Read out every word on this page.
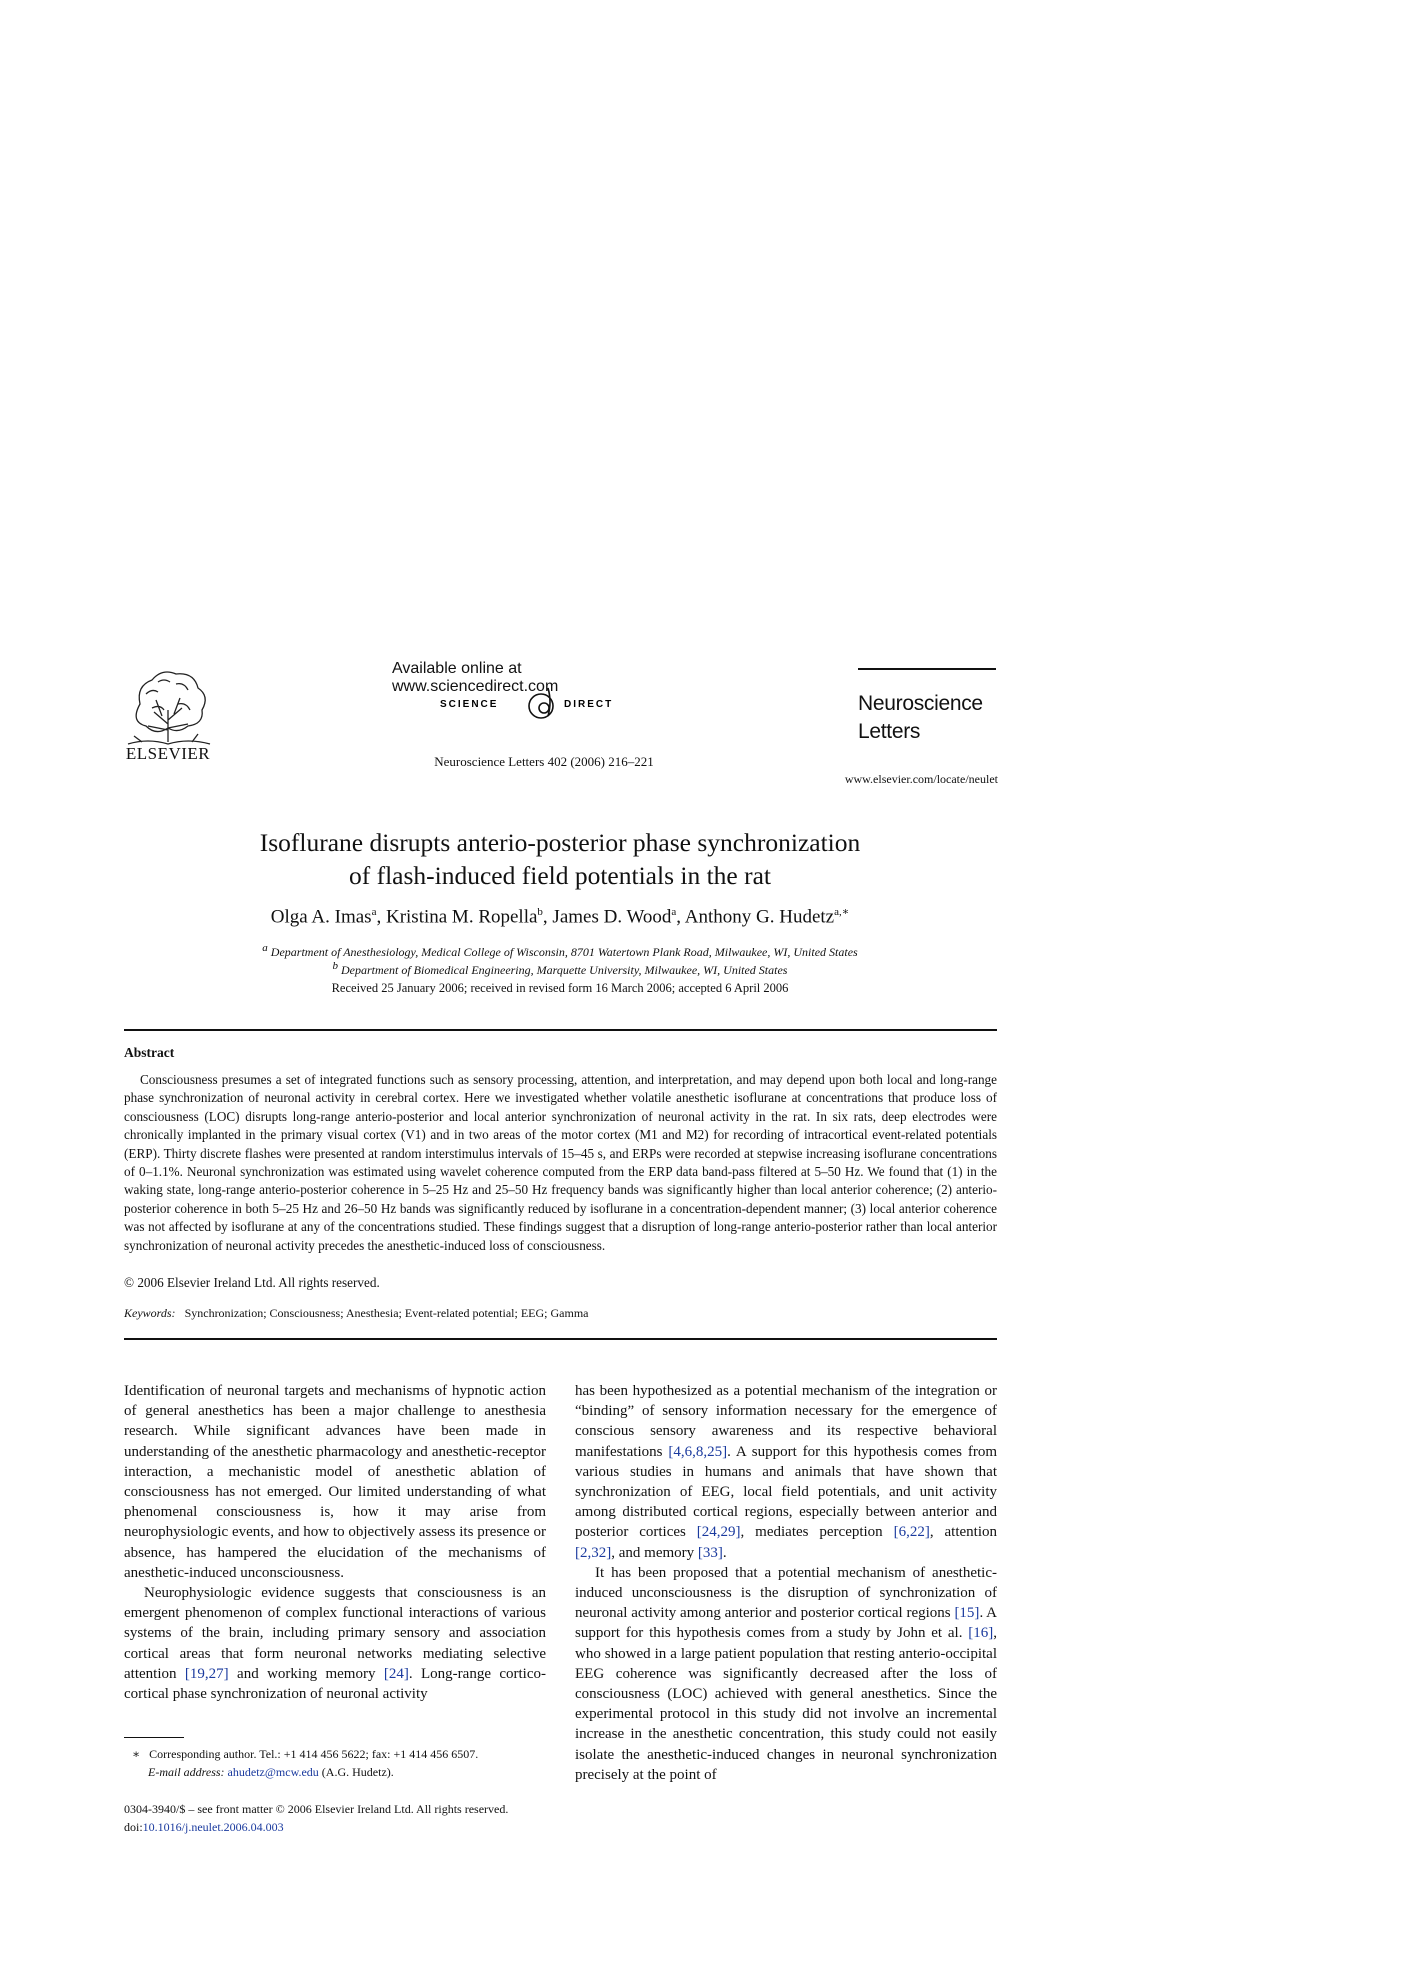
ELSEVIER
Available online at www.sciencedirect.com
SCIENCE	DIRECT
Neuroscience Letters 402 (2006) 216–221
Neuroscience
Letters
www.elsevier.com/locate/neulet
Isoflurane disrupts anterio-posterior phase synchronization
of flash-induced field potentials in the rat
Olga A. Imas$^a$, Kristina M. Ropella$^b$, James D. Wood$^a$, Anthony G. Hudetz$^{a,∗}$
$^a$ Department of Anesthesiology, Medical College of Wisconsin, 8701 Watertown Plank Road, Milwaukee, WI, United States
$^b$ Department of Biomedical Engineering, Marquette University, Milwaukee, WI, United States
Received 25 January 2006; received in revised form 16 March 2006; accepted 6 April 2006
Abstract
Consciousness presumes a set of integrated functions such as sensory processing, attention, and interpretation, and may depend upon both local and long-range phase synchronization of neuronal activity in cerebral cortex. Here we investigated whether volatile anesthetic isoflurane at concentrations that produce loss of consciousness (LOC) disrupts long-range anterio-posterior and local anterior synchronization of neuronal activity in the rat. In six rats, deep electrodes were chronically implanted in the primary visual cortex (V1) and in two areas of the motor cortex (M1 and M2) for recording of intracortical event-related potentials (ERP). Thirty discrete flashes were presented at random interstimulus intervals of 15–45 s, and ERPs were recorded at stepwise increasing isoflurane concentrations of 0–1.1%. Neuronal synchronization was estimated using wavelet coherence computed from the ERP data band-pass filtered at 5–50 Hz. We found that (1) in the waking state, long-range anterio-posterior coherence in 5–25 Hz and 25–50 Hz frequency bands was significantly higher than local anterior coherence; (2) anterio-posterior coherence in both 5–25 Hz and 26–50 Hz bands was significantly reduced by isoflurane in a concentration-dependent manner; (3) local anterior coherence was not affected by isoflurane at any of the concentrations studied. These findings suggest that a disruption of long-range anterio-posterior rather than local anterior synchronization of neuronal activity precedes the anesthetic-induced loss of consciousness.
© 2006 Elsevier Ireland Ltd. All rights reserved.
Keywords: Synchronization; Consciousness; Anesthesia; Event-related potential; EEG; Gamma

Identification of neuronal targets and mechanisms of hypnotic action of general anesthetics has been a major challenge to anesthesia research. While significant advances have been made in understanding of the anesthetic pharmacology and anesthetic-receptor interaction, a mechanistic model of anesthetic ablation of consciousness has not emerged. Our limited understanding of what phenomenal consciousness is, how it may arise from neurophysiologic events, and how to objectively assess its presence or absence, has hampered the elucidation of the mechanisms of anesthetic-induced unconsciousness.

Neurophysiologic evidence suggests that consciousness is an emergent phenomenon of complex functional interactions of various systems of the brain, including primary sensory and association cortical areas that form neuronal networks mediating selective attention [19,27] and working memory [24]. Long-range cortico-cortical phase synchronization of neuronal activity

has been hypothesized as a potential mechanism of the integration or “binding” of sensory information necessary for the emergence of conscious sensory awareness and its respective behavioral manifestations [4,6,8,25]. A support for this hypothesis comes from various studies in humans and animals that have shown that synchronization of EEG, local field potentials, and unit activity among distributed cortical regions, especially between anterior and posterior cortices [24,29], mediates perception [6,22], attention [2,32], and memory [33].

It has been proposed that a potential mechanism of anesthetic-induced unconsciousness is the disruption of synchronization of neuronal activity among anterior and posterior cortical regions [15]. A support for this hypothesis comes from a study by John et al. [16], who showed in a large patient population that resting anterio-occipital EEG coherence was significantly decreased after the loss of consciousness (LOC) achieved with general anesthetics. Since the experimental protocol in this study did not involve an incremental increase in the anesthetic concentration, this study could not easily isolate the anesthetic-induced changes in neuronal synchronization precisely at the point of

∗ Corresponding author. Tel.: +1 414 456 5622; fax: +1 414 456 6507.
E-mail address: ahudetz@mcw.edu (A.G. Hudetz).
0304-3940/$ – see front matter © 2006 Elsevier Ireland Ltd. All rights reserved.
doi:10.1016/j.neulet.2006.04.003
